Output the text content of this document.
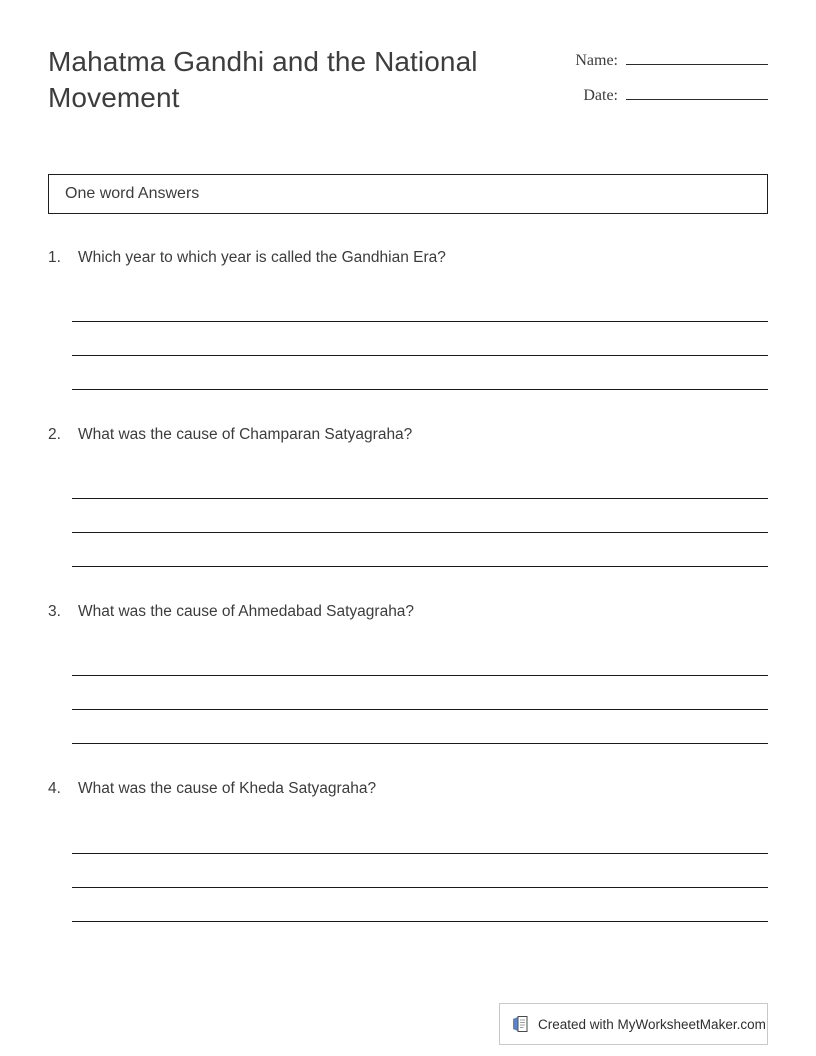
Mahatma Gandhi and the National Movement
Name:
Date:
One word Answers
1.	Which year to which year is called the Gandhian Era?
2.	What was the cause of Champaran Satyagraha?
3.	What was the cause of Ahmedabad Satyagraha?
4.	What was the cause of Kheda Satyagraha?
Created with MyWorksheetMaker.com
